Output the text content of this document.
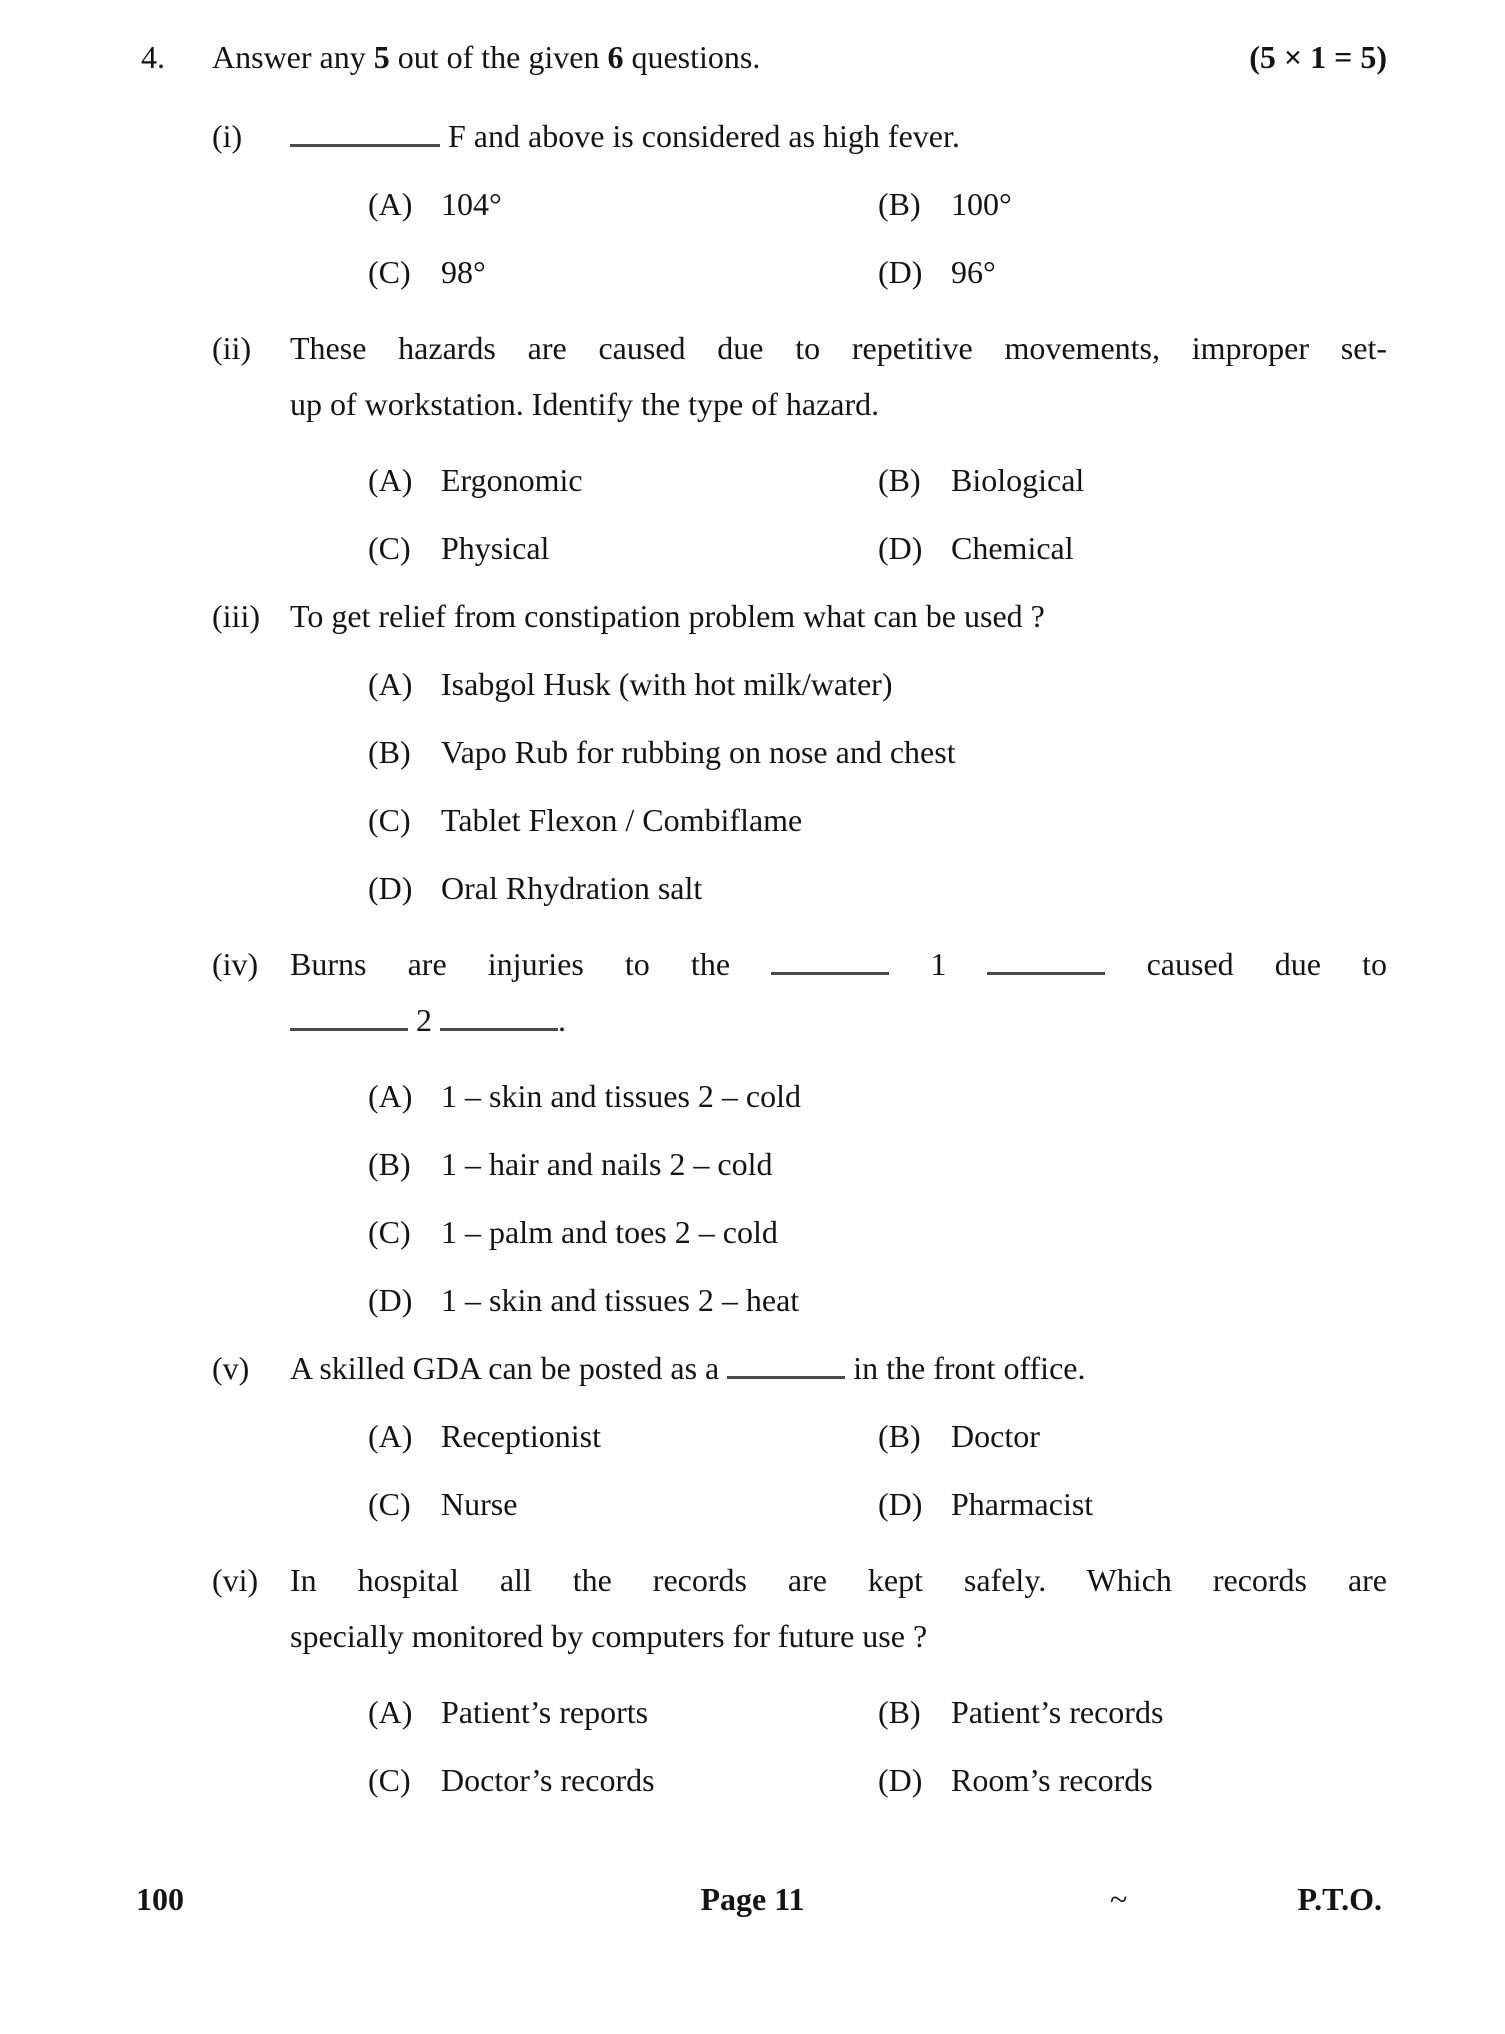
4.	Answer any 5 out of the given 6 questions.	(5 × 1 = 5)
(i)	F and above is considered as high fever.
(A) 104°	(B) 100°
(C) 98°	(D) 96°
(ii)	These hazards are caused due to repetitive movements, improper set-
up of workstation. Identify the type of hazard.
(A) Ergonomic	(B) Biological
(C) Physical	(D) Chemical
(iii) To get relief from constipation problem what can be used ?
(A) Isabgol Husk (with hot milk/water)
(B) Vapo Rub for rubbing on nose and chest
(C) Tablet Flexon / Combiflame
(D) Oral Rhydration salt
(iv) Burns are injuries to the	1	caused due to
2	.
(A) 1 – skin and tissues 2 – cold
(B) 1 – hair and nails 2 – cold
(C) 1 – palm and toes 2 – cold
(D) 1 – skin and tissues 2 – heat
(v)	A skilled GDA can be posted as a	in the front office.
(A) Receptionist	(B) Doctor
(C) Nurse	(D) Pharmacist
(vi) In hospital all the records are kept safely. Which records are
specially monitored by computers for future use ?
(A) Patient’s reports	(B) Patient’s records
(C) Doctor’s records	(D) Room’s records
100	Page 11	~	P.T.O.
